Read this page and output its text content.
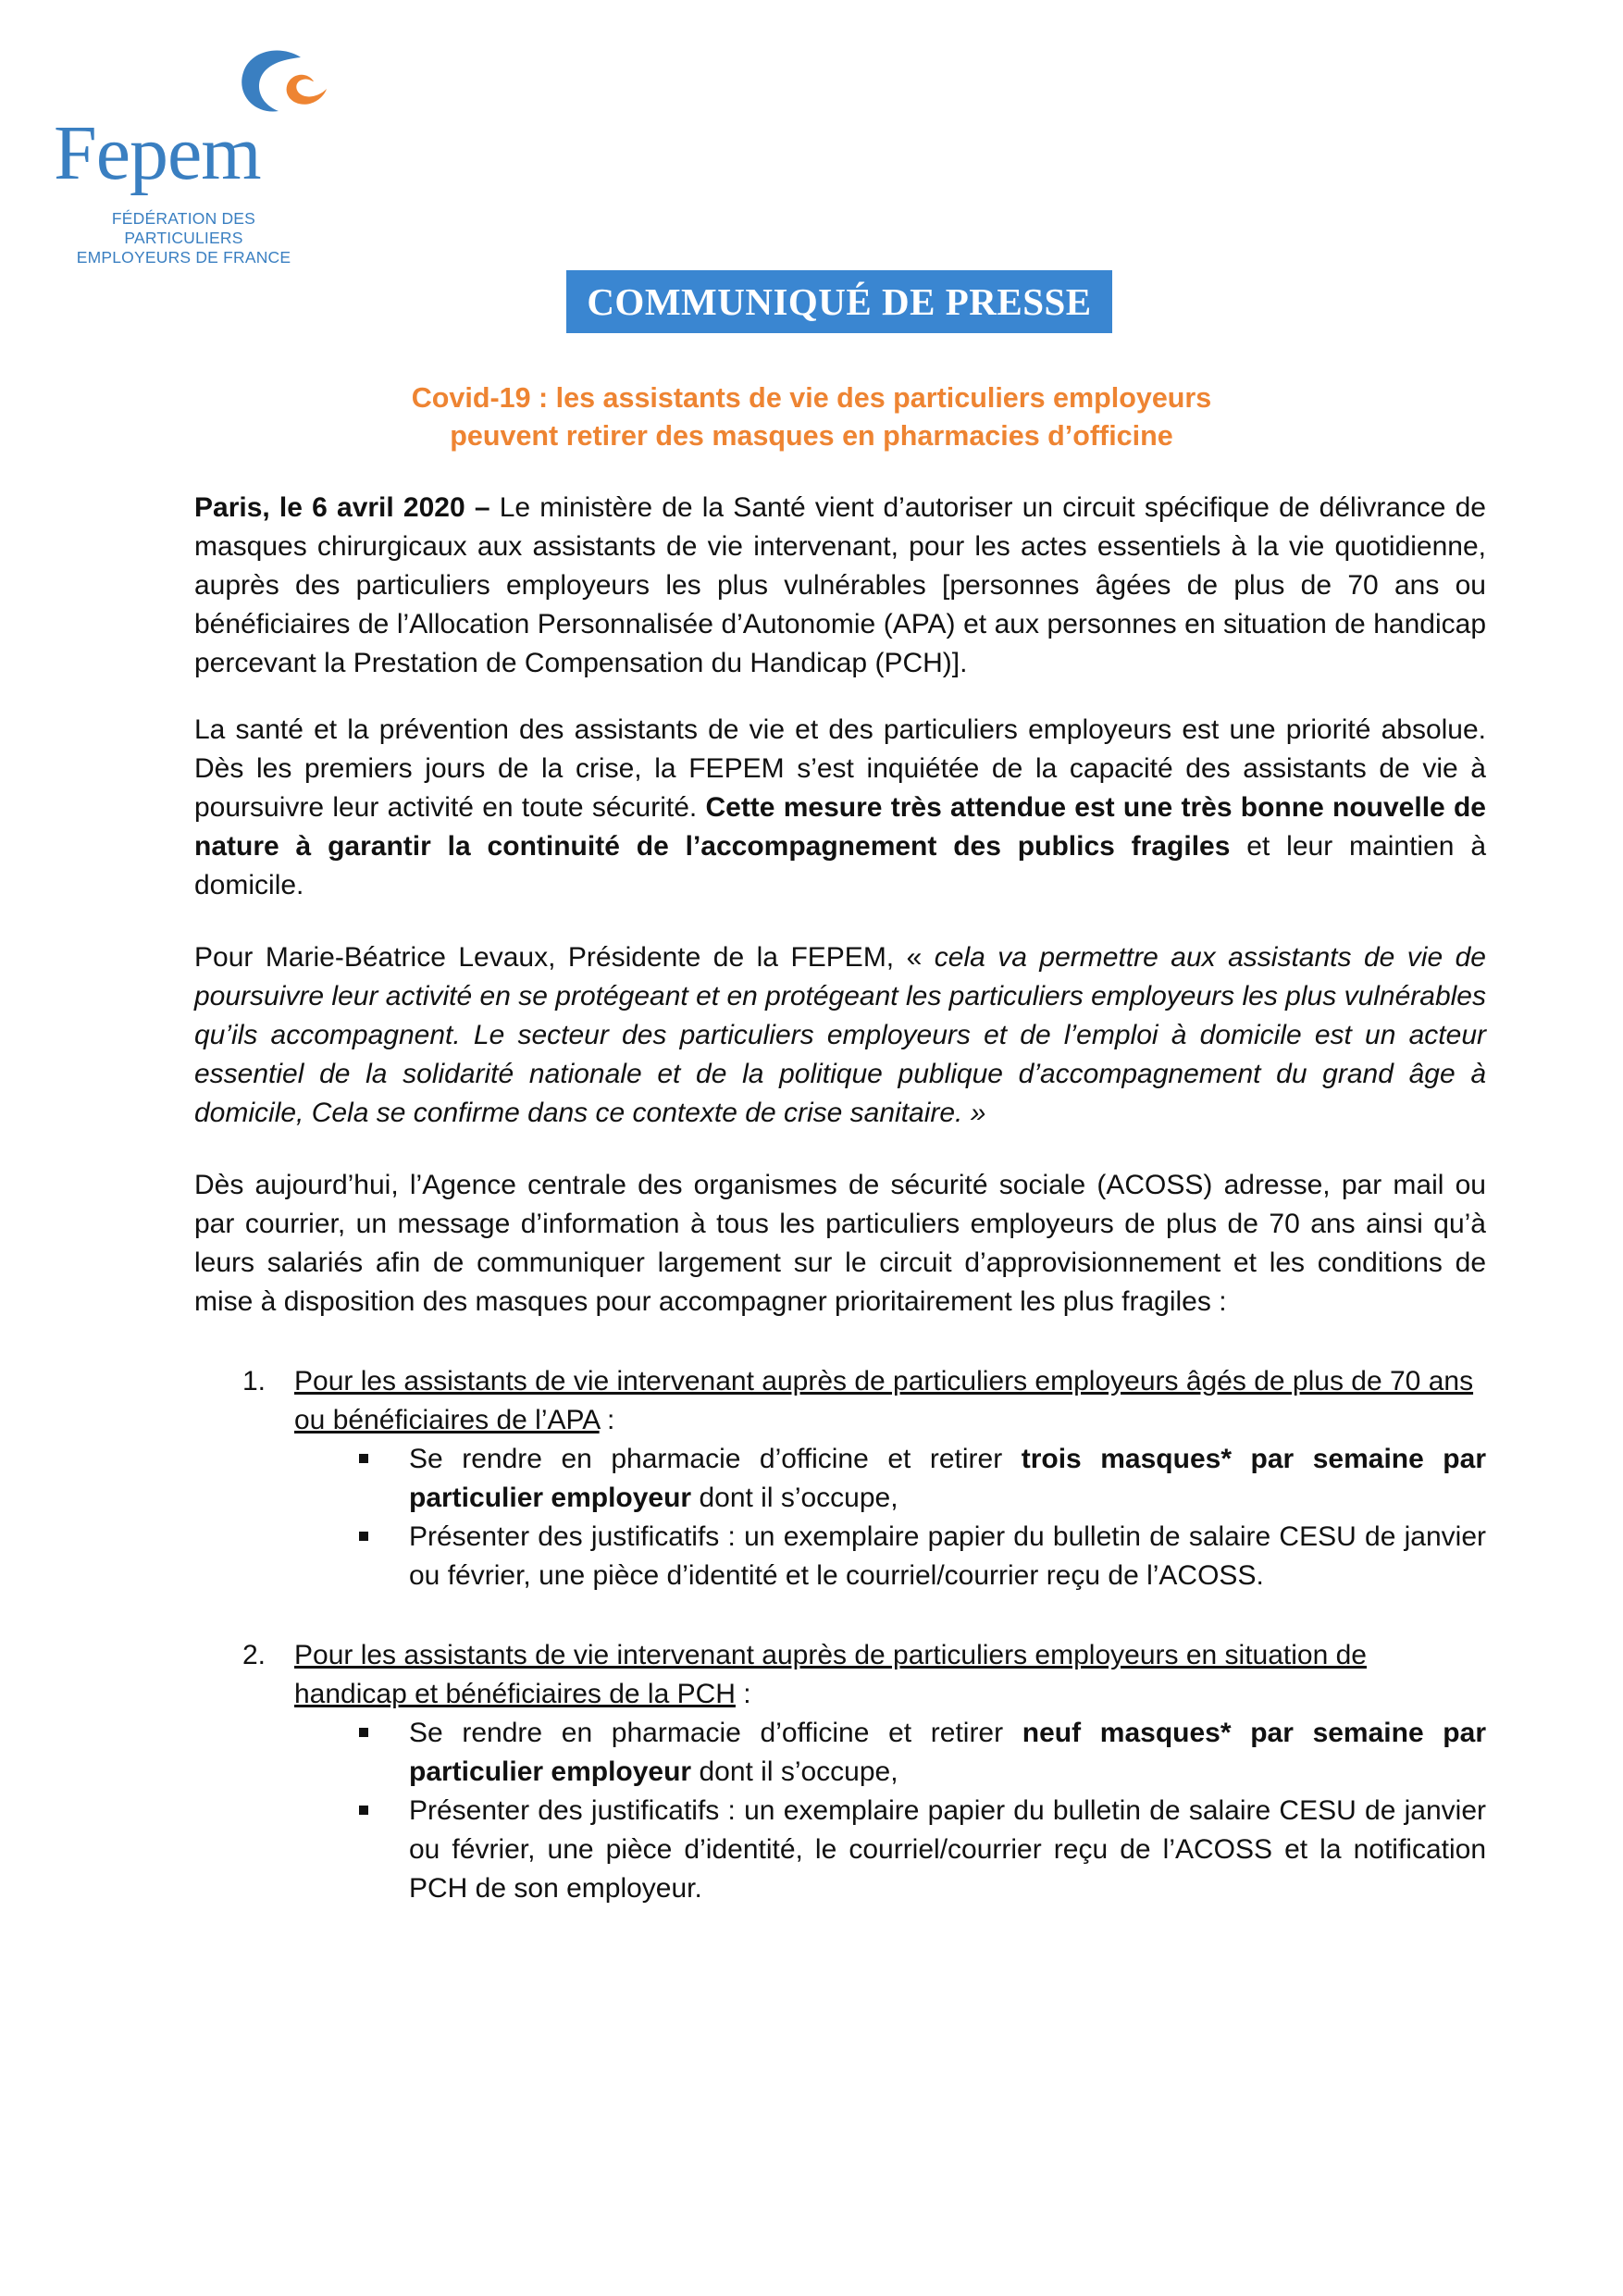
Fepem
FÉDÉRATION DES PARTICULIERS
EMPLOYEURS DE FRANCE
COMMUNIQUÉ DE PRESSE
Covid-19 : les assistants de vie des particuliers employeurs
peuvent retirer des masques en pharmacies d’officine

Paris, le 6 avril 2020 – Le ministère de la Santé vient d’autoriser un circuit spécifique de délivrance de masques chirurgicaux aux assistants de vie intervenant, pour les actes essentiels à la vie quotidienne, auprès des particuliers employeurs les plus vulnérables [personnes âgées de plus de 70 ans ou bénéficiaires de l’Allocation Personnalisée d’Autonomie (APA) et aux personnes en situation de handicap percevant la Prestation de Compensation du Handicap (PCH)].

La santé et la prévention des assistants de vie et des particuliers employeurs est une priorité absolue. Dès les premiers jours de la crise, la FEPEM s’est inquiétée de la capacité des assistants de vie à poursuivre leur activité en toute sécurité. Cette mesure très attendue est une très bonne nouvelle de nature à garantir la continuité de l’accompagnement des publics fragiles et leur maintien à domicile.

Pour Marie-Béatrice Levaux, Présidente de la FEPEM, « cela va permettre aux assistants de vie de poursuivre leur activité en se protégeant et en protégeant les particuliers employeurs les plus vulnérables qu’ils accompagnent. Le secteur des particuliers employeurs et de l’emploi à domicile est un acteur essentiel de la solidarité nationale et de la politique publique d’accompagnement du grand âge à domicile, Cela se confirme dans ce contexte de crise sanitaire. »

Dès aujourd’hui, l’Agence centrale des organismes de sécurité sociale (ACOSS) adresse, par mail ou par courrier, un message d’information à tous les particuliers employeurs de plus de 70 ans ainsi qu’à leurs salariés afin de communiquer largement sur le circuit d’approvisionnement et les conditions de mise à disposition des masques pour accompagner prioritairement les plus fragiles :

1. Pour les assistants de vie intervenant auprès de particuliers employeurs âgés de plus de 70 ans ou bénéficiaires de l’APA :
Se rendre en pharmacie d’officine et retirer trois masques* par semaine par particulier employeur dont il s’occupe,
Présenter des justificatifs : un exemplaire papier du bulletin de salaire CESU de janvier ou février, une pièce d’identité et le courriel/courrier reçu de l’ACOSS.
2. Pour les assistants de vie intervenant auprès de particuliers employeurs en situation de handicap et bénéficiaires de la PCH :
Se rendre en pharmacie d’officine et retirer neuf masques* par semaine par particulier employeur dont il s’occupe,
Présenter des justificatifs : un exemplaire papier du bulletin de salaire CESU de janvier ou février, une pièce d’identité, le courriel/courrier reçu de l’ACOSS et la notification PCH de son employeur.
